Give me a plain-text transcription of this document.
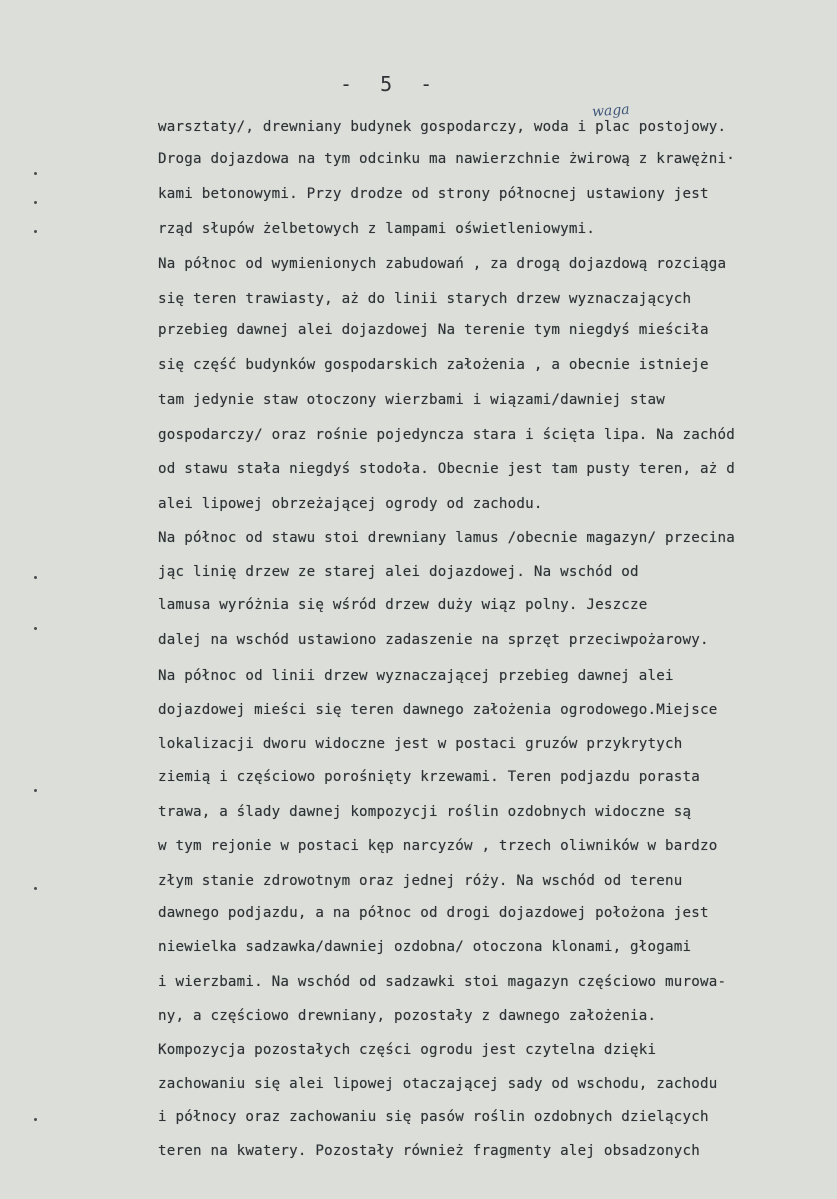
- 5 -
waga
warsztaty/, drewniany budynek gospodarczy, woda i plac postojowy.
Droga dojazdowa na tym odcinku ma nawierzchnie żwirową z krawężni·
kami betonowymi. Przy drodze od strony północnej ustawiony jest
rząd słupów żelbetowych z lampami oświetleniowymi.
Na północ od wymienionych zabudowań , za drogą dojazdową rozciąga
się teren trawiasty, aż do linii starych drzew wyznaczających
przebieg dawnej alei dojazdowej Na terenie tym niegdyś mieściła
się część budynków gospodarskich założenia , a obecnie istnieje
tam jedynie staw otoczony wierzbami i wiązami/dawniej staw
gospodarczy/ oraz rośnie pojedyncza stara i ścięta lipa. Na zachód
od stawu stała niegdyś stodoła. Obecnie jest tam pusty teren, aż d
alei lipowej obrzeżającej ogrody od zachodu.
Na północ od stawu stoi drewniany lamus /obecnie magazyn/ przecina
jąc linię drzew ze starej alei dojazdowej. Na wschód od
lamusa wyróżnia się wśród drzew duży wiąz polny. Jeszcze
dalej na wschód ustawiono zadaszenie na sprzęt przeciwpożarowy.
Na północ od linii drzew wyznaczającej przebieg dawnej alei
dojazdowej mieści się teren dawnego założenia ogrodowego.Miejsce
lokalizacji dworu widoczne jest w postaci gruzów przykrytych
ziemią i częściowo porośnięty krzewami. Teren podjazdu porasta
trawa, a ślady dawnej kompozycji roślin ozdobnych widoczne są
w tym rejonie w postaci kęp narcyzów , trzech oliwników w bardzo
złym stanie zdrowotnym oraz jednej róży. Na wschód od terenu
dawnego podjazdu, a na północ od drogi dojazdowej położona jest
niewielka sadzawka/dawniej ozdobna/ otoczona klonami, głogami
i wierzbami. Na wschód od sadzawki stoi magazyn częściowo murowa-
ny, a częściowo drewniany, pozostały z dawnego założenia.
Kompozycja pozostałych części ogrodu jest czytelna dzięki
zachowaniu się alei lipowej otaczającej sady od wschodu, zachodu
i północy oraz zachowaniu się pasów roślin ozdobnych dzielących
teren na kwatery. Pozostały również fragmenty alej obsadzonych
